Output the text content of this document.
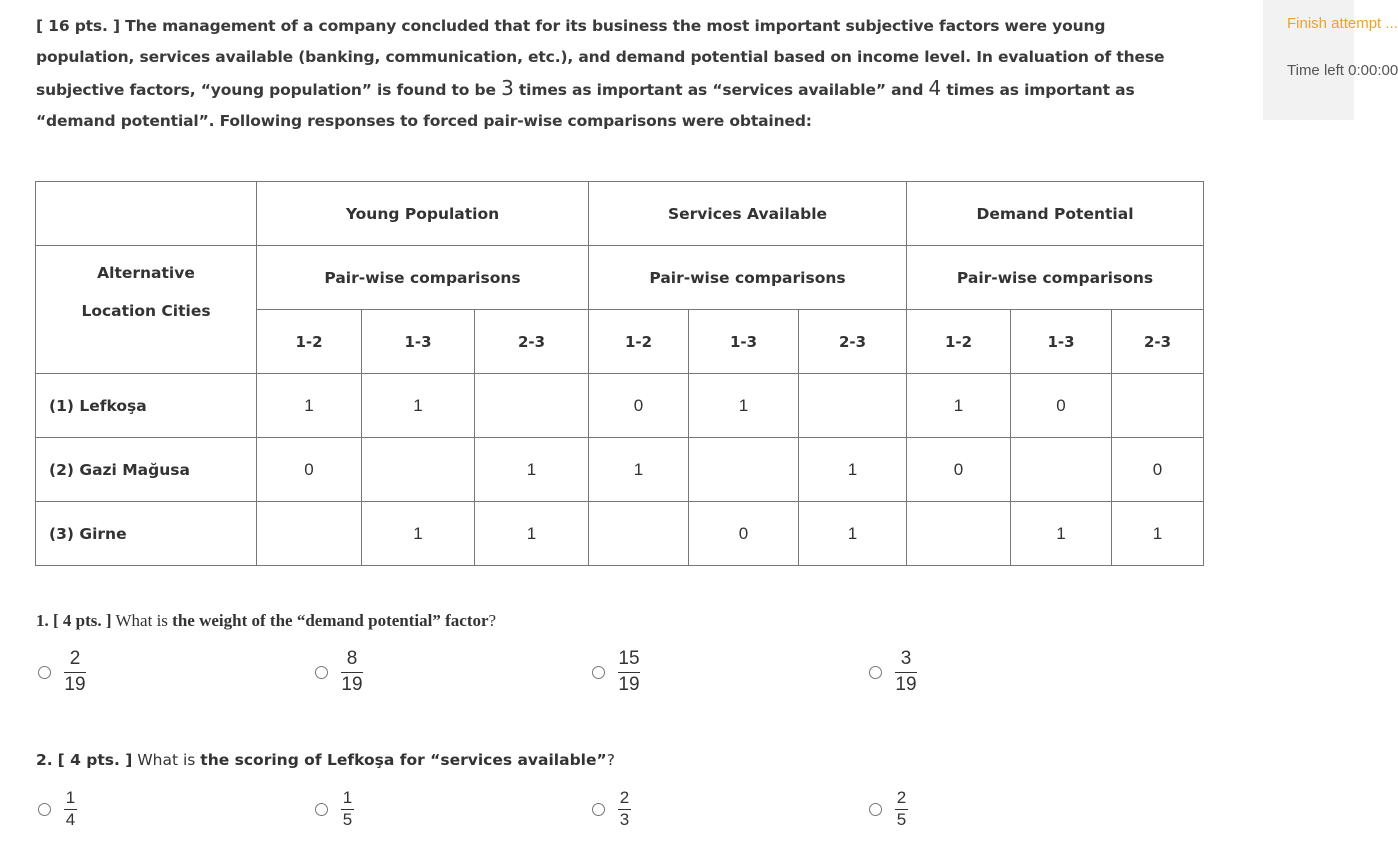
[ 16 pts. ] The management of a company concluded that for its business the most important subjective factors were young population, services available (banking, communication, etc.), and demand potential based on income level. In evaluation of these subjective factors, “young population” is found to be 3 times as important as “services available” and 4 times as important as “demand potential”. Following responses to forced pair-wise comparisons were obtained:
Finish attempt ...
Time left 0:00:00
	Young Population			Services Available			Demand Potential		

Alternative
Location Cities	Pair-wise comparisons			Pair-wise comparisons			Pair-wise comparisons		
	1-2	1-3	2-3	1-2	1-3	2-3	1-2	1-3	2-3
(1) Lefkoşa	1	1		0	1		1	0	
(2) Gazi Mağusa	0		1	1		1	0		0
(3) Girne		1	1		0	1		1	1
1. [ 4 pts. ] What is the weight of the “demand potential” factor?
$\frac{2}{19}$	$\frac{8}{19}$	$\frac{15}{19}$	$\frac{3}{19}$
2. [ 4 pts. ] What is the scoring of Lefkoşa for “services available”?
$\frac{1}{4}$	$\frac{1}{5}$	$\frac{2}{3}$	$\frac{2}{5}$
